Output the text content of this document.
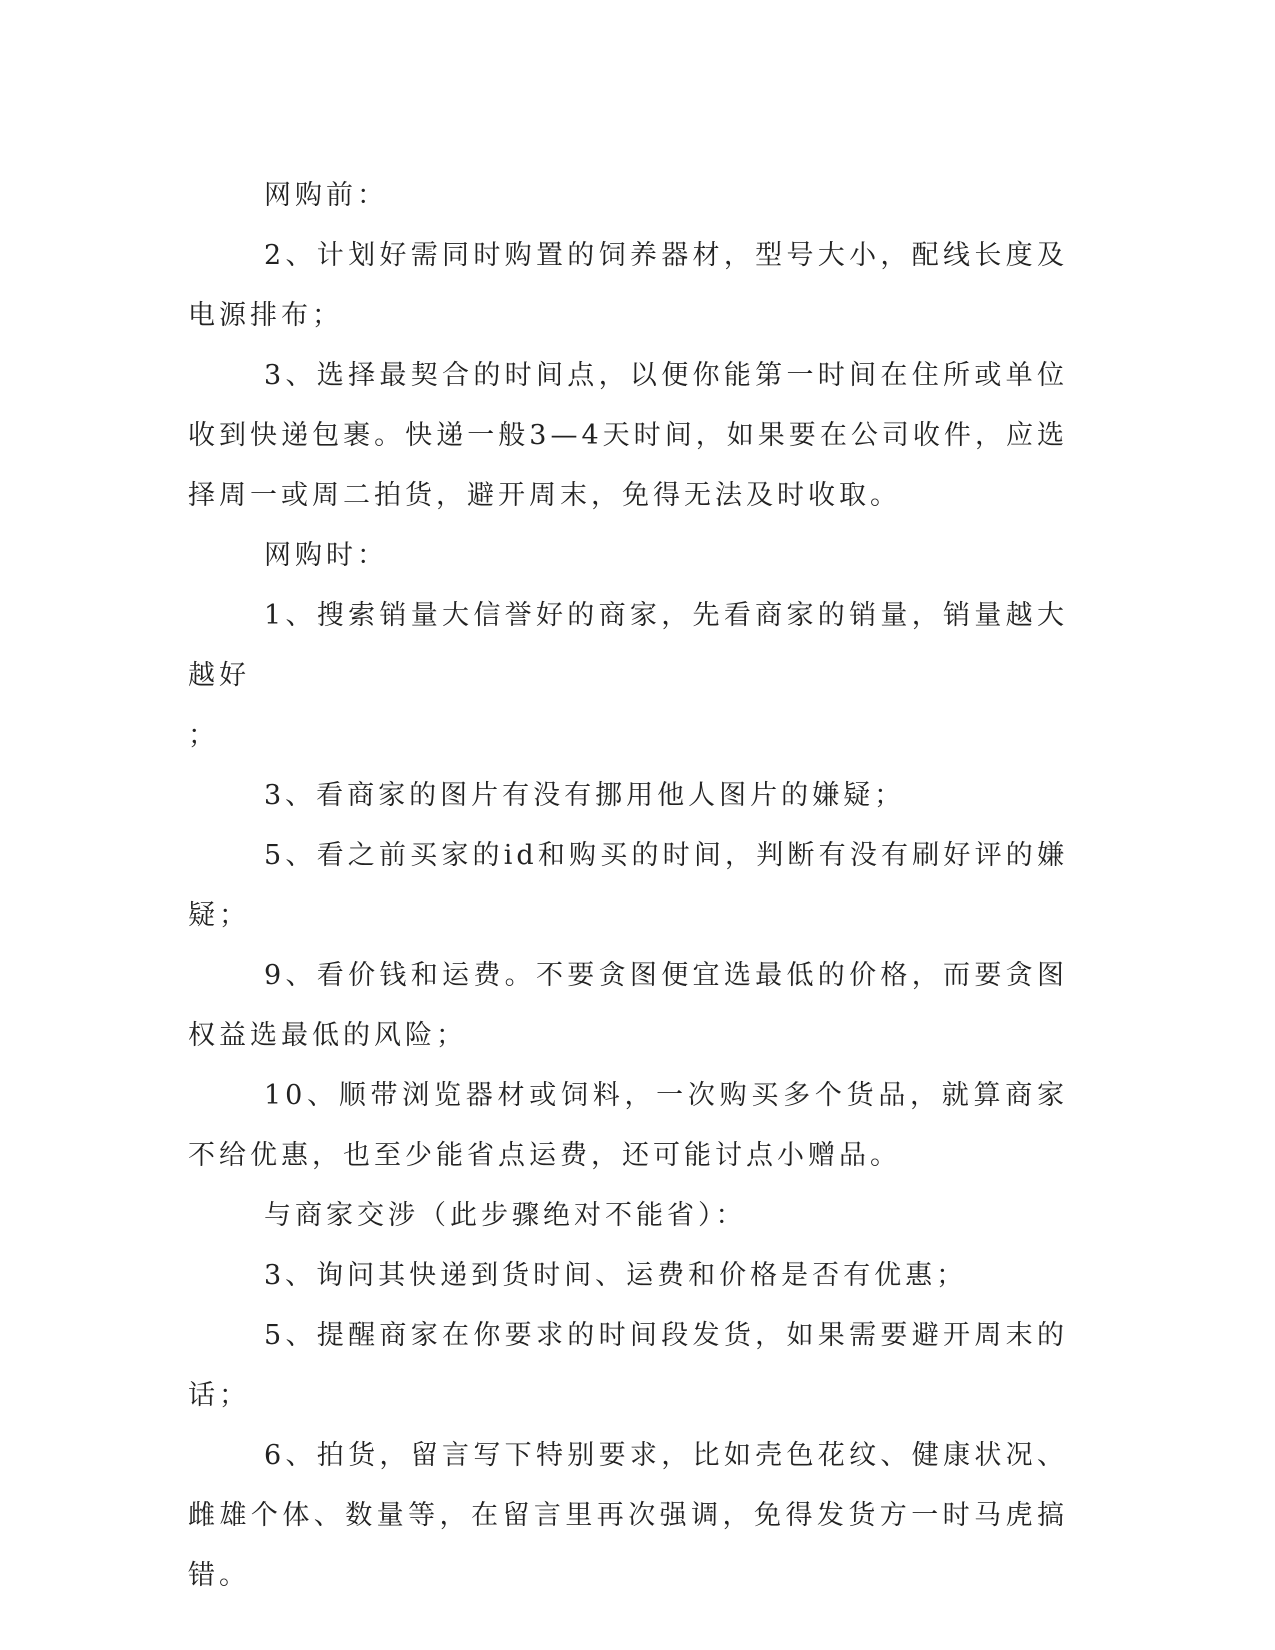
网购前：

2、计划好需同时购置的饲养器材，型号大小，配线长度及电源排布；

3、选择最契合的时间点，以便你能第一时间在住所或单位收到快递包裹。快递一般3—4天时间，如果要在公司收件，应选择周一或周二拍货，避开周末，免得无法及时收取。

网购时：

1、搜索销量大信誉好的商家，先看商家的销量，销量越大越好

；

3、看商家的图片有没有挪用他人图片的嫌疑；

5、看之前买家的id和购买的时间，判断有没有刷好评的嫌疑；

9、看价钱和运费。不要贪图便宜选最低的价格，而要贪图权益选最低的风险；

10、顺带浏览器材或饲料，一次购买多个货品，就算商家不给优惠，也至少能省点运费，还可能讨点小赠品。

与商家交涉（此步骤绝对不能省）：

3、询问其快递到货时间、运费和价格是否有优惠；

5、提醒商家在你要求的时间段发货，如果需要避开周末的话；

6、拍货，留言写下特别要求，比如壳色花纹、健康状况、雌雄个体、数量等，在留言里再次强调，免得发货方一时马虎搞错。
